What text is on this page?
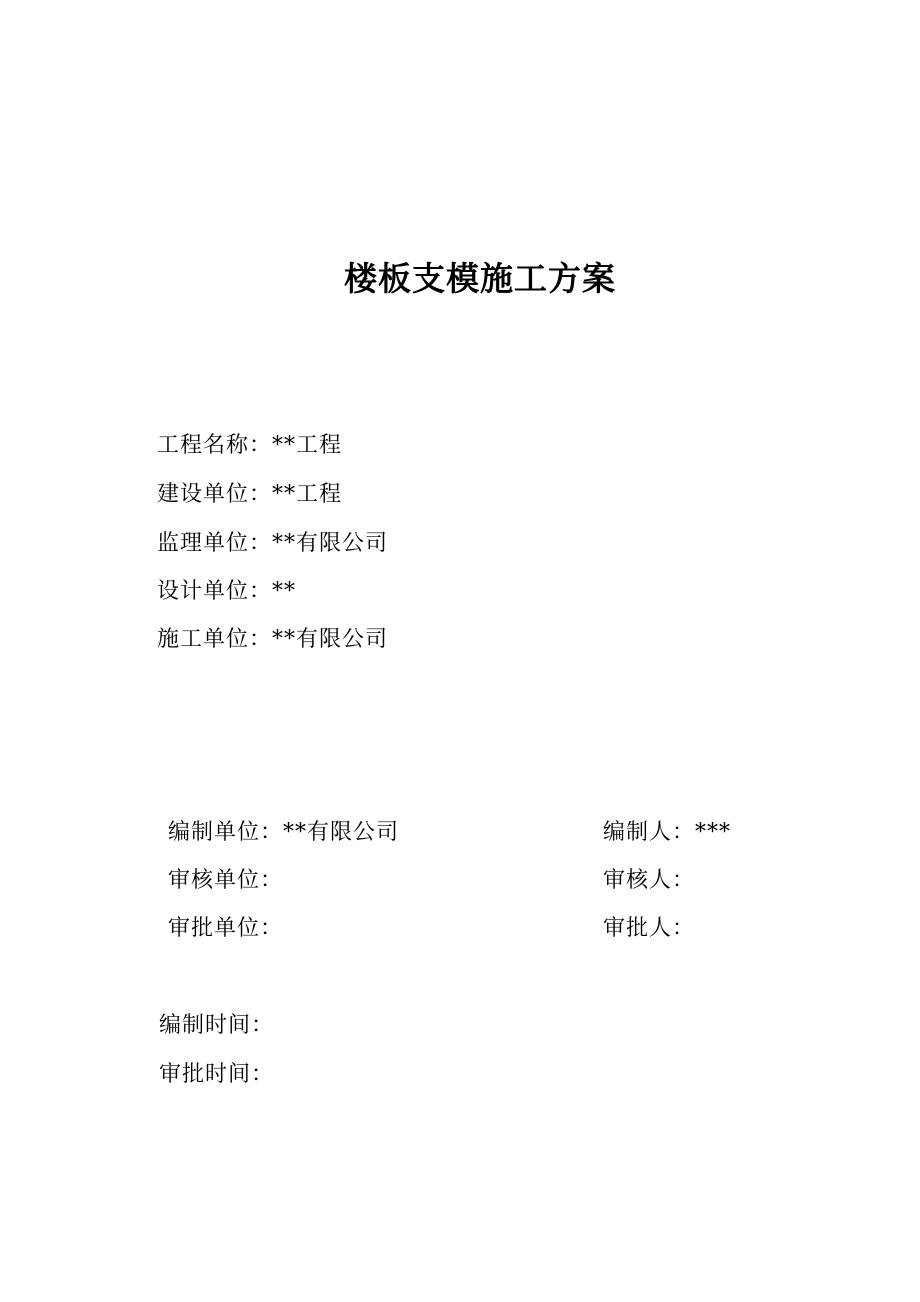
楼板支模施工方案
工程名称：**工程
建设单位：**工程
监理单位：**有限公司
设计单位：**
施工单位：**有限公司
编制单位：**有限公司
审核单位：
审批单位：
编制人：***
审核人：
审批人：
编制时间：
审批时间：
